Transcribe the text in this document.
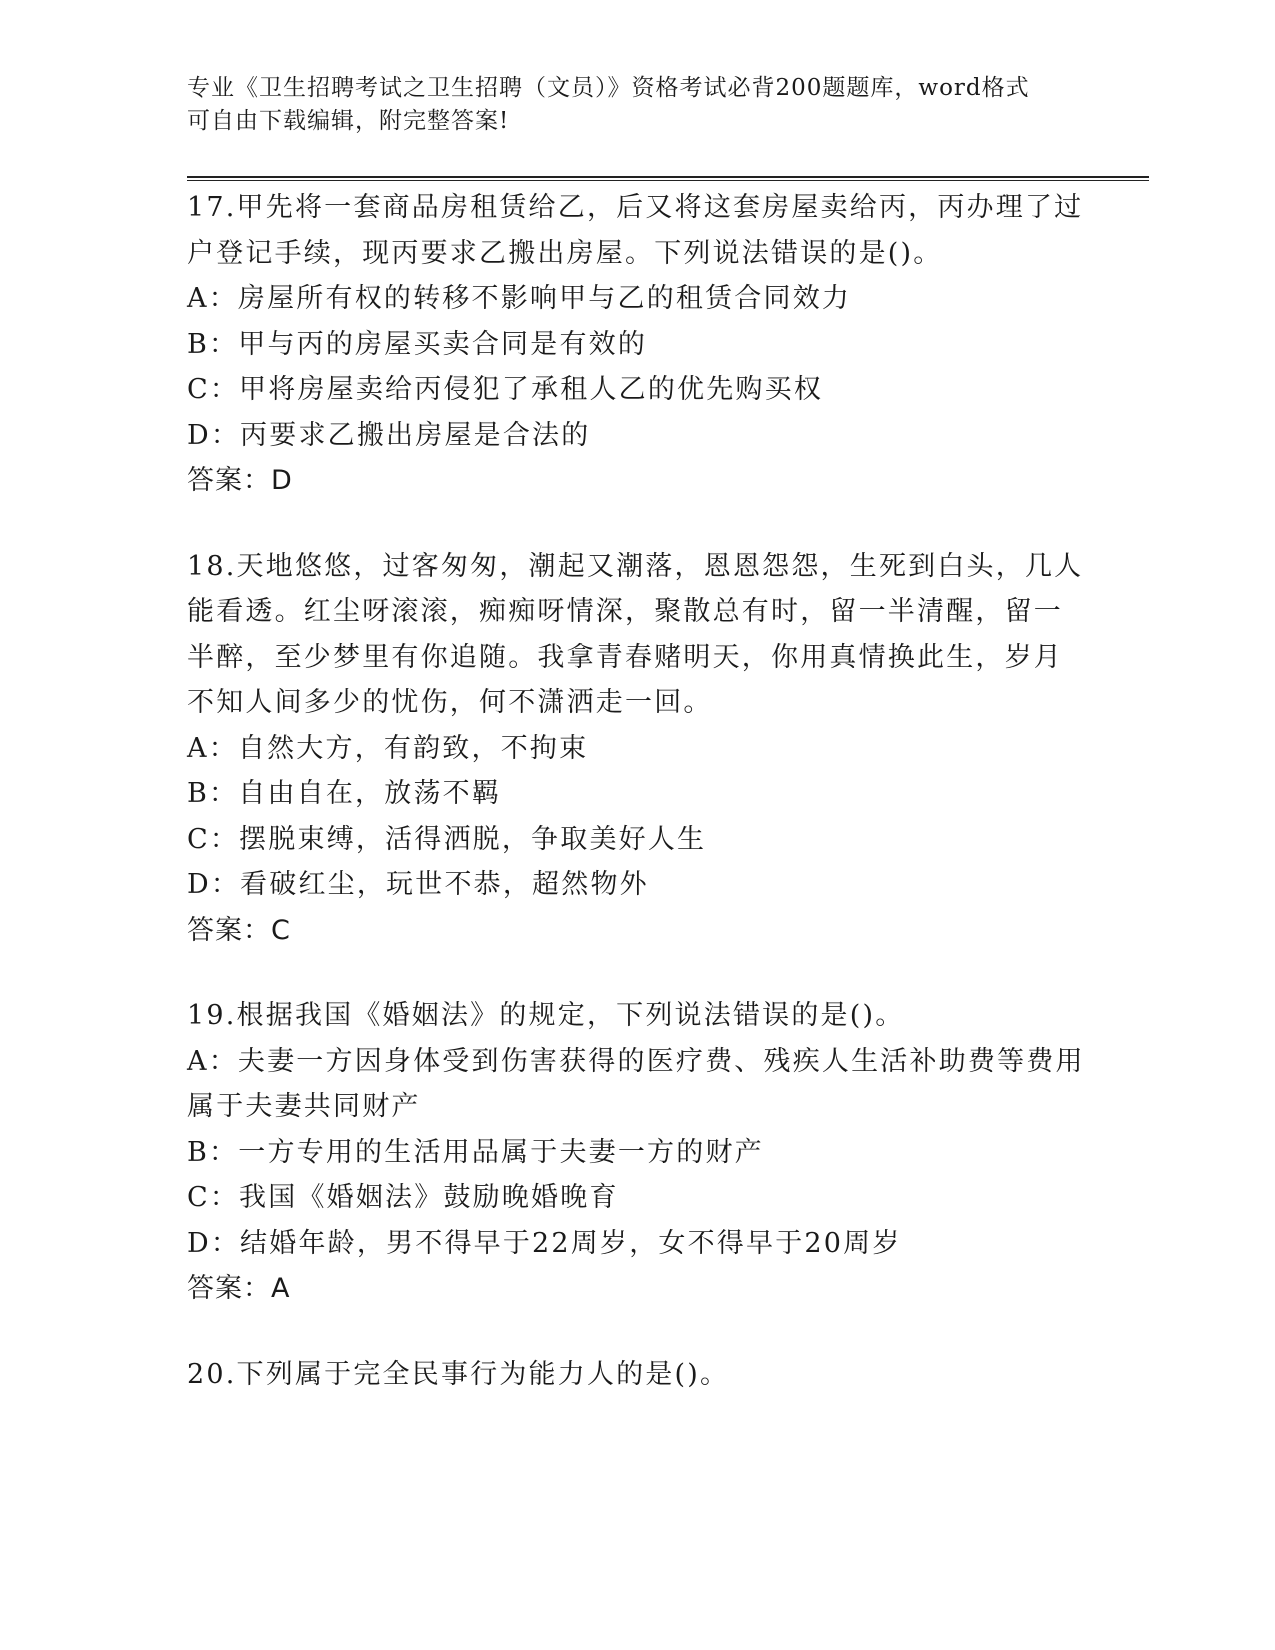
专业《卫生招聘考试之卫生招聘（文员）》资格考试必背200题题库，word格式
可自由下载编辑，附完整答案!
17.甲先将一套商品房租赁给乙，后又将这套房屋卖给丙，丙办理了过
户登记手续，现丙要求乙搬出房屋。下列说法错误的是()。
A：房屋所有权的转移不影响甲与乙的租赁合同效力
B：甲与丙的房屋买卖合同是有效的
C：甲将房屋卖给丙侵犯了承租人乙的优先购买权
D：丙要求乙搬出房屋是合法的
答案：D
18.天地悠悠，过客匆匆，潮起又潮落，恩恩怨怨，生死到白头，几人
能看透。红尘呀滚滚，痴痴呀情深，聚散总有时，留一半清醒，留一
半醉，至少梦里有你追随。我拿青春赌明天，你用真情换此生，岁月
不知人间多少的忧伤，何不潇洒走一回。
A：自然大方，有韵致，不拘束
B：自由自在，放荡不羁
C：摆脱束缚，活得洒脱，争取美好人生
D：看破红尘，玩世不恭，超然物外
答案：C
19.根据我国《婚姻法》的规定，下列说法错误的是()。
A：夫妻一方因身体受到伤害获得的医疗费、残疾人生活补助费等费用
属于夫妻共同财产
B：一方专用的生活用品属于夫妻一方的财产
C：我国《婚姻法》鼓励晚婚晚育
D：结婚年龄，男不得早于22周岁，女不得早于20周岁
答案：A
20.下列属于完全民事行为能力人的是()。
